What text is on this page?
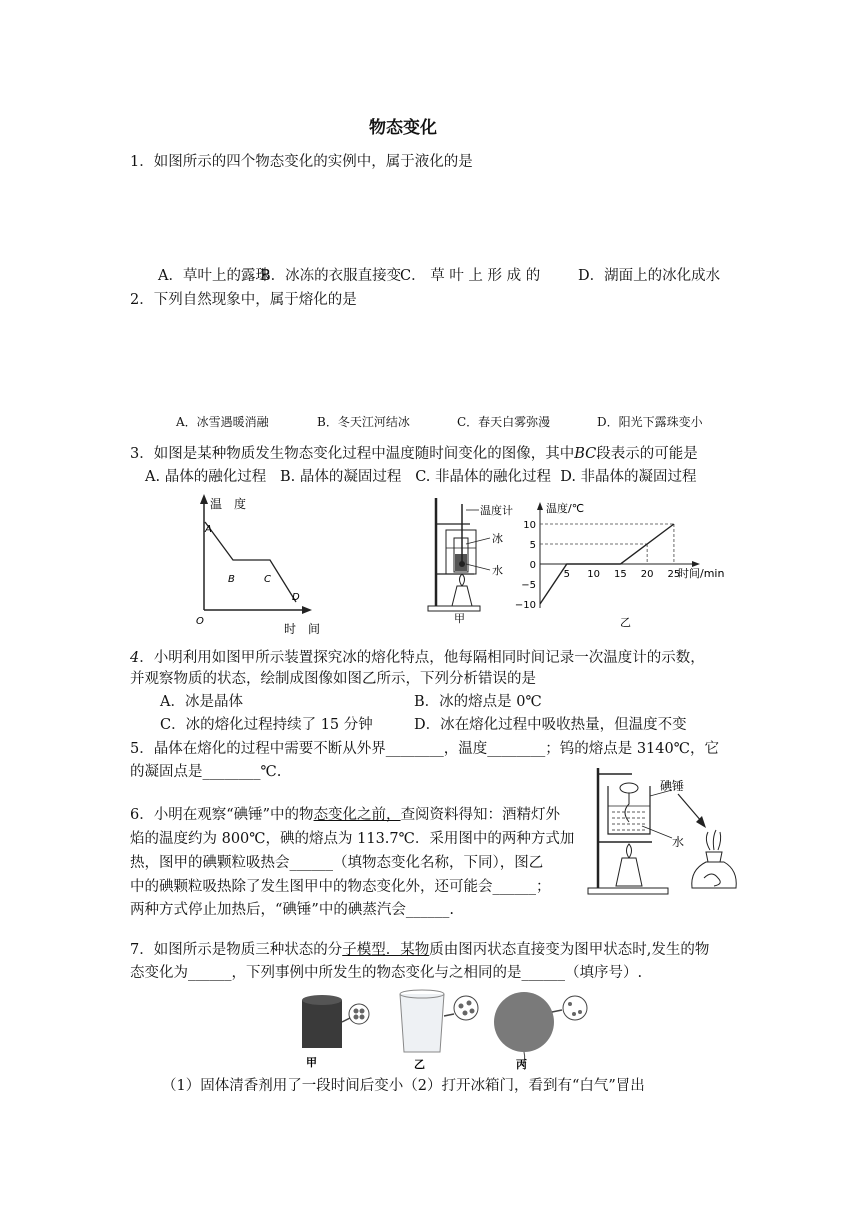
物态变化
1．如图所示的四个物态变化的实例中，属于液化的是
A．草叶上的露珠
B．冰冻的衣服直接变
C． 草 叶 上 形 成 的	D．湖面上的冰化成水
2．下列自然现象中，属于熔化的是
A．冰雪遇暖消融	B．冬天江河结冰	C．春天白雾弥漫	D．阳光下露珠变小
3．如图是某种物质发生物态变化过程中温度随时间变化的图像，其中BC段表示的可能是
A. 晶体的融化过程   B. 晶体的凝固过程   C. 非晶体的融化过程  D. 非晶体的凝固过程
温　度
A
B	C
D
O
时　间
温度计
冰
水
甲
10
5
0
−5
−10
5 10 15 20 25
温度/℃
时间/min
乙
4．小明利用如图甲所示装置探究冰的熔化特点，他每隔相同时间记录一次温度计的示数，
并观察物质的状态，绘制成图像如图乙所示，下列分析错误的是
A．冰是晶体	B．冰的熔点是 0℃
C．冰的熔化过程持续了 15 分钟	D．冰在熔化过程中吸收热量，但温度不变
5．晶体在熔化的过程中需要不断从外界________，温度________；钨的熔点是 3140℃，它
的凝固点是________℃.
6．小明在观察“碘锤”中的物态变化之前，查阅资料得知：酒精灯外
焰的温度约为 800℃，碘的熔点为 113.7℃．采用图中的两种方式加
热，图甲的碘颗粒吸热会______（填物态变化名称，下同），图乙
中的碘颗粒吸热除了发生图甲中的物态变化外，还可能会______；
两种方式停止加热后，“碘锤”中的碘蒸汽会______.
碘锤
水
7．如图所示是物质三种状态的分子模型．某物质由图丙状态直接变为图甲状态时,发生的物
态变化为______，下列事例中所发生的物态变化与之相同的是______（填序号）.
甲	乙	丙
（1）固体清香剂用了一段时间后变小（2）打开冰箱门，看到有“白气”冒出
